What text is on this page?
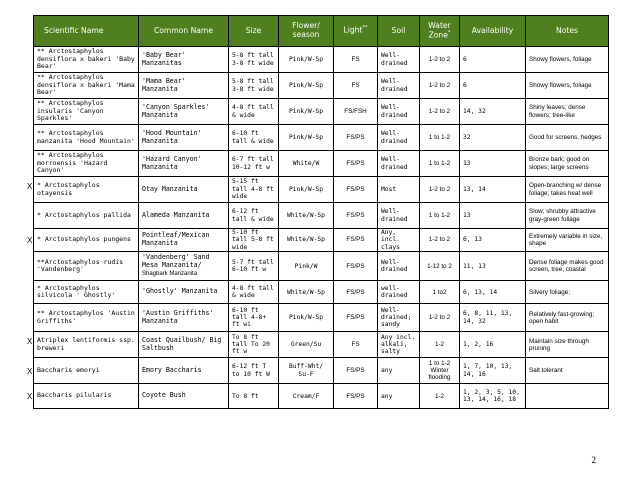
Scientific Name	Common Name	Size	Flower/ season	Light**	Soil	Water Zone*	Availability	Notes

** Arctostaphylos densiflora x bakeri 'Baby Bear'	'Baby Bear' Manzanitas	5-8 ft tall 3-8 ft wide	Pink/W-Sp	FS	Well-drained	1-2 to 2	6	Showy flowers, foliage

** Arctostaphylos densiflora x bakeri 'Mama Bear'	'Mama Bear' Manzanita	5-8 ft tall 3-8 ft wide	Pink/W-Sp	FS	Well-drained	1-2 to 2	6	Showy flowers, foliage

** Arctostaphylos insularis 'Canyon Sparkles'	'Canyon Sparkles' Manzanita	4-8 ft tall & wide	Pink/W-Sp	FS/FSH	Well-drained	1-2 to 2	14, 32	Shiny leaves; dense flowers; tree-like

** Arctostaphylos manzanita 'Hood Mountain'	'Hood Mountain' Manzanita	6-10 ft tall & wide	Pink/W-Sp	FS/PS	Well-drained	1 to 1-2	32	Good for screens, hedges

** Arctostaphylos morroensis 'Hazard Canyon'	'Hazard Canyon' Manzanita	6-7 ft tall 10-12 ft w	White/W	FS/PS	Well-drained	1 to 1-2	13	Bronze bark; good on slopes; large screens

X * Arctostaphylos otayensis	Otay Manzanita	5-15 ft tall 4-8 ft wide	Pink/W-Sp	FS/PS	Most	1-2 to 2	13, 14	Open-branching w/ dense foliage; takes heat well

* Arctostaphylos pallida	Alameda Manzanita	6-12 ft tall & wide	White/W-Sp	FS/PS	Well-drained	1 to 1-2	13	Slow; shrubby attractive gray-green foliage

X * Arctostaphylos pungens	Pointleaf/Mexican Manzanita	5-10 ft tall 5-8 ft wide	White/W-Sp	FS/PS	Any, incl. clays	1-2 to 2	6, 13	Extremely variable in size, shape

**Arctostaphylos rudis 'Vandenberg'	'Vandenberg' Sand Mesa Manzanita/
Shagbark Manzanita	5-7 ft tall 6-10 ft w	Pink/W	FS/PS	Well-drained	1-12 to 2	11, 13	Dense foliage makes good screen, tree; coastal

* Arctostaphylos silvicola ' Ghostly'	'Ghostly' Manzanita	4-8 ft tall & wide	White/W-Sp	FS/PS	well-drained	1 to2	6, 13, 14	Silvery foliage;

** Arctostaphylos 'Austin Griffiths'	'Austin Griffiths' Manzanita	6-10 ft tall 4-8+ ft wi	Pink/W-Sp	FS/PS	Well-drained; sandy	1-2 to 2	6, 8, 11, 13, 14, 32	Relatively fast-growing; open habit

X Atriplex lentiformis ssp. breweri	Coast Quailbush/ Big Saltbush	To 8 ft tall To 20 ft w	Green/Su	FS	Any incl. alkali, salty	1-2	1, 2, 16	Maintain size through pruning

X Baccharis emoryi	Emory Baccharis	6-12 ft T to 10 ft W	Buff-Wht/ Su-F	FS/PS	any	1 to 1-2 Winter flooding	1, 7, 10, 13, 14, 16	Salt tolerant

X Baccharis pilularis	Coyote Bush	To 8 ft	Cream/F	FS/PS	any	1-2	1, 2, 3, 5, 10, 13, 14, 16, 18	
2
